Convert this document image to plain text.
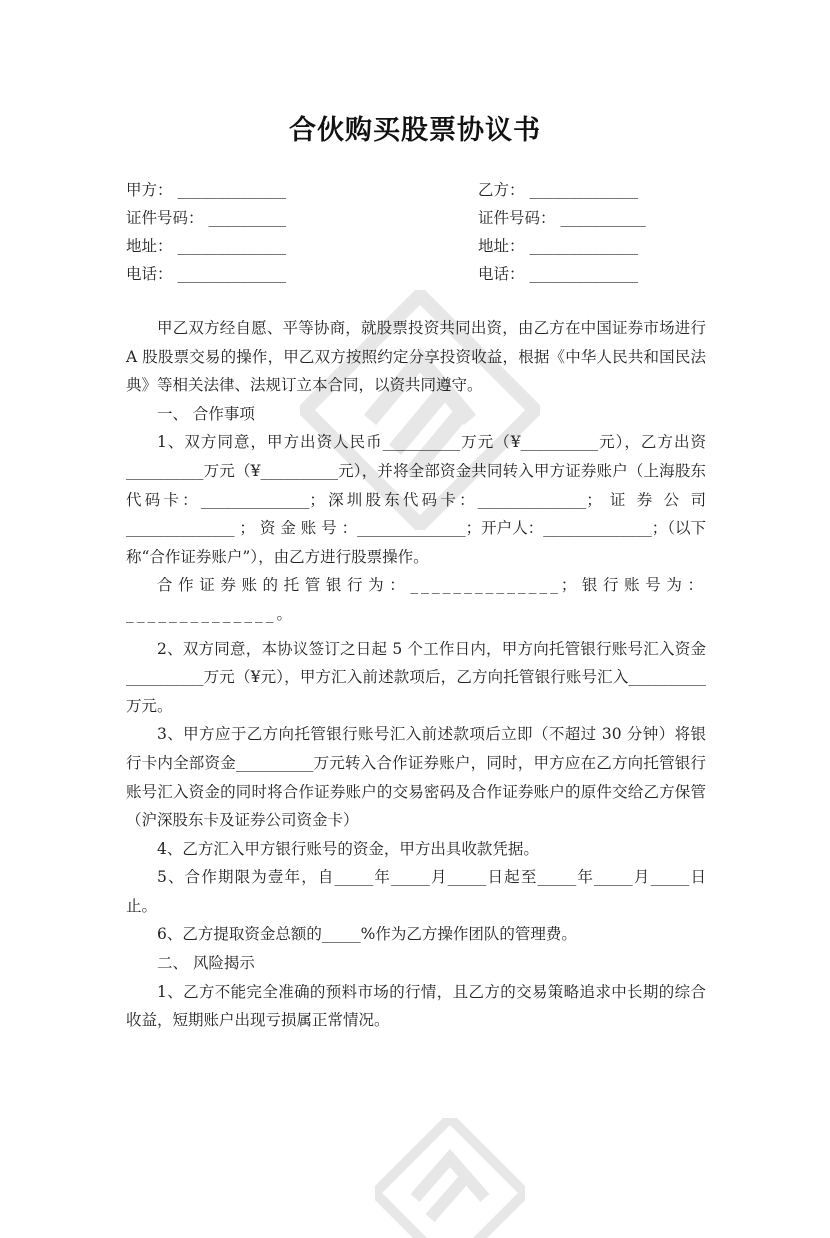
合伙购买股票协议书
甲方： ______________
证件号码： __________
地址： ______________
电话： ______________
乙方： ______________
证件号码： ___________
地址： ______________
电话： ______________

甲乙双方经自愿、平等协商，就股票投资共同出资，由乙方在中国证券市场进行 A 股股票交易的操作，甲乙双方按照约定分享投资收益，根据《中华人民共和国民法典》等相关法律、法规订立本合同，以资共同遵守。

一、 合作事项

1、双方同意，甲方出资人民币__________万元（¥__________元），乙方出资__________万元（¥__________元），并将全部资金共同转入甲方证券账户（上海股东代码卡：______________；深圳股东代码卡：______________； 证 券 公 司 ______________ ； 资 金 账 号 ：______________；开户人：______________；（以下称“合作证券账户”），由乙方进行股票操作。

合作证券账的托管银行为：______________；银行账号为：______________。

2、双方同意，本协议签订之日起 5 个工作日内，甲方向托管银行账号汇入资金__________万元（¥元），甲方汇入前述款项后，乙方向托管银行账号汇入__________万元。

3、甲方应于乙方向托管银行账号汇入前述款项后立即（不超过 30 分钟）将银行卡内全部资金__________万元转入合作证券账户，同时，甲方应在乙方向托管银行账号汇入资金的同时将合作证券账户的交易密码及合作证券账户的原件交给乙方保管（沪深股东卡及证券公司资金卡）

4、乙方汇入甲方银行账号的资金，甲方出具收款凭据。

5、合作期限为壹年，自_____年_____月_____日起至_____年_____月_____日止。

6、乙方提取资金总额的_____%作为乙方操作团队的管理费。

二、 风险揭示

1、乙方不能完全准确的预料市场的行情，且乙方的交易策略追求中长期的综合收益，短期账户出现亏损属正常情况。
